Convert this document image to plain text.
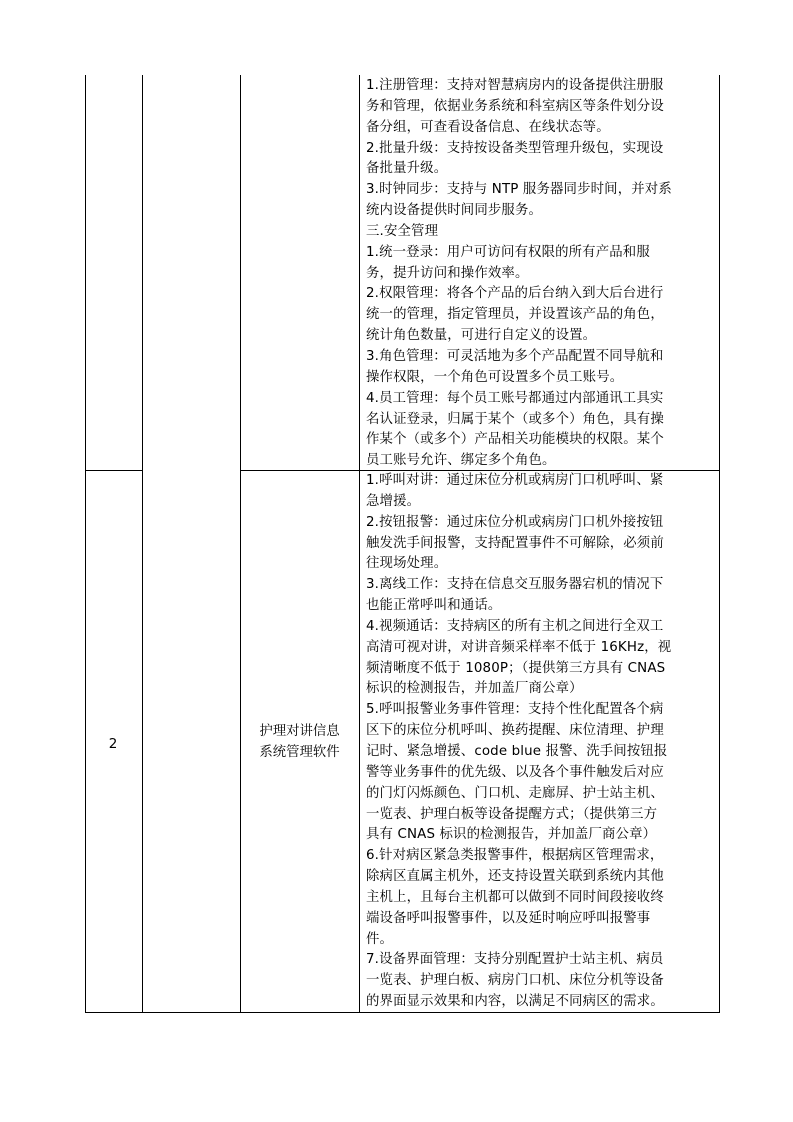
1.注册管理：支持对智慧病房内的设备提供注册服
务和管理，依据业务系统和科室病区等条件划分设
备分组，可查看设备信息、在线状态等。
2.批量升级：支持按设备类型管理升级包，实现设
备批量升级。
3.时钟同步：支持与 NTP 服务器同步时间，并对系
统内设备提供时间同步服务。
三.安全管理
1.统一登录：用户可访问有权限的所有产品和服
务，提升访问和操作效率。
2.权限管理：将各个产品的后台纳入到大后台进行
统一的管理，指定管理员，并设置该产品的角色，
统计角色数量，可进行自定义的设置。
3.角色管理：可灵活地为多个产品配置不同导航和
操作权限，一个角色可设置多个员工账号。
4.员工管理：每个员工账号都通过内部通讯工具实
名认证登录，归属于某个（或多个）角色，具有操
作某个（或多个）产品相关功能模块的权限。某个
员工账号允许、绑定多个角色。
2
护理对讲信息
系统管理软件
1.呼叫对讲：通过床位分机或病房门口机呼叫、紧
急增援。
2.按钮报警：通过床位分机或病房门口机外接按钮
触发洗手间报警，支持配置事件不可解除，必须前
往现场处理。
3.离线工作：支持在信息交互服务器宕机的情况下
也能正常呼叫和通话。
4.视频通话：支持病区的所有主机之间进行全双工
高清可视对讲，对讲音频采样率不低于 16KHz，视
频清晰度不低于 1080P；（提供第三方具有 CNAS
标识的检测报告，并加盖厂商公章）
5.呼叫报警业务事件管理：支持个性化配置各个病
区下的床位分机呼叫、换药提醒、床位清理、护理
记时、紧急增援、code blue 报警、洗手间按钮报
警等业务事件的优先级、以及各个事件触发后对应
的门灯闪烁颜色、门口机、走廊屏、护士站主机、
一览表、护理白板等设备提醒方式；（提供第三方
具有 CNAS 标识的检测报告，并加盖厂商公章）
6.针对病区紧急类报警事件，根据病区管理需求，
除病区直属主机外，还支持设置关联到系统内其他
主机上，且每台主机都可以做到不同时间段接收终
端设备呼叫报警事件，以及延时响应呼叫报警事
件。
7.设备界面管理：支持分别配置护士站主机、病员
一览表、护理白板、病房门口机、床位分机等设备
的界面显示效果和内容，以满足不同病区的需求。
